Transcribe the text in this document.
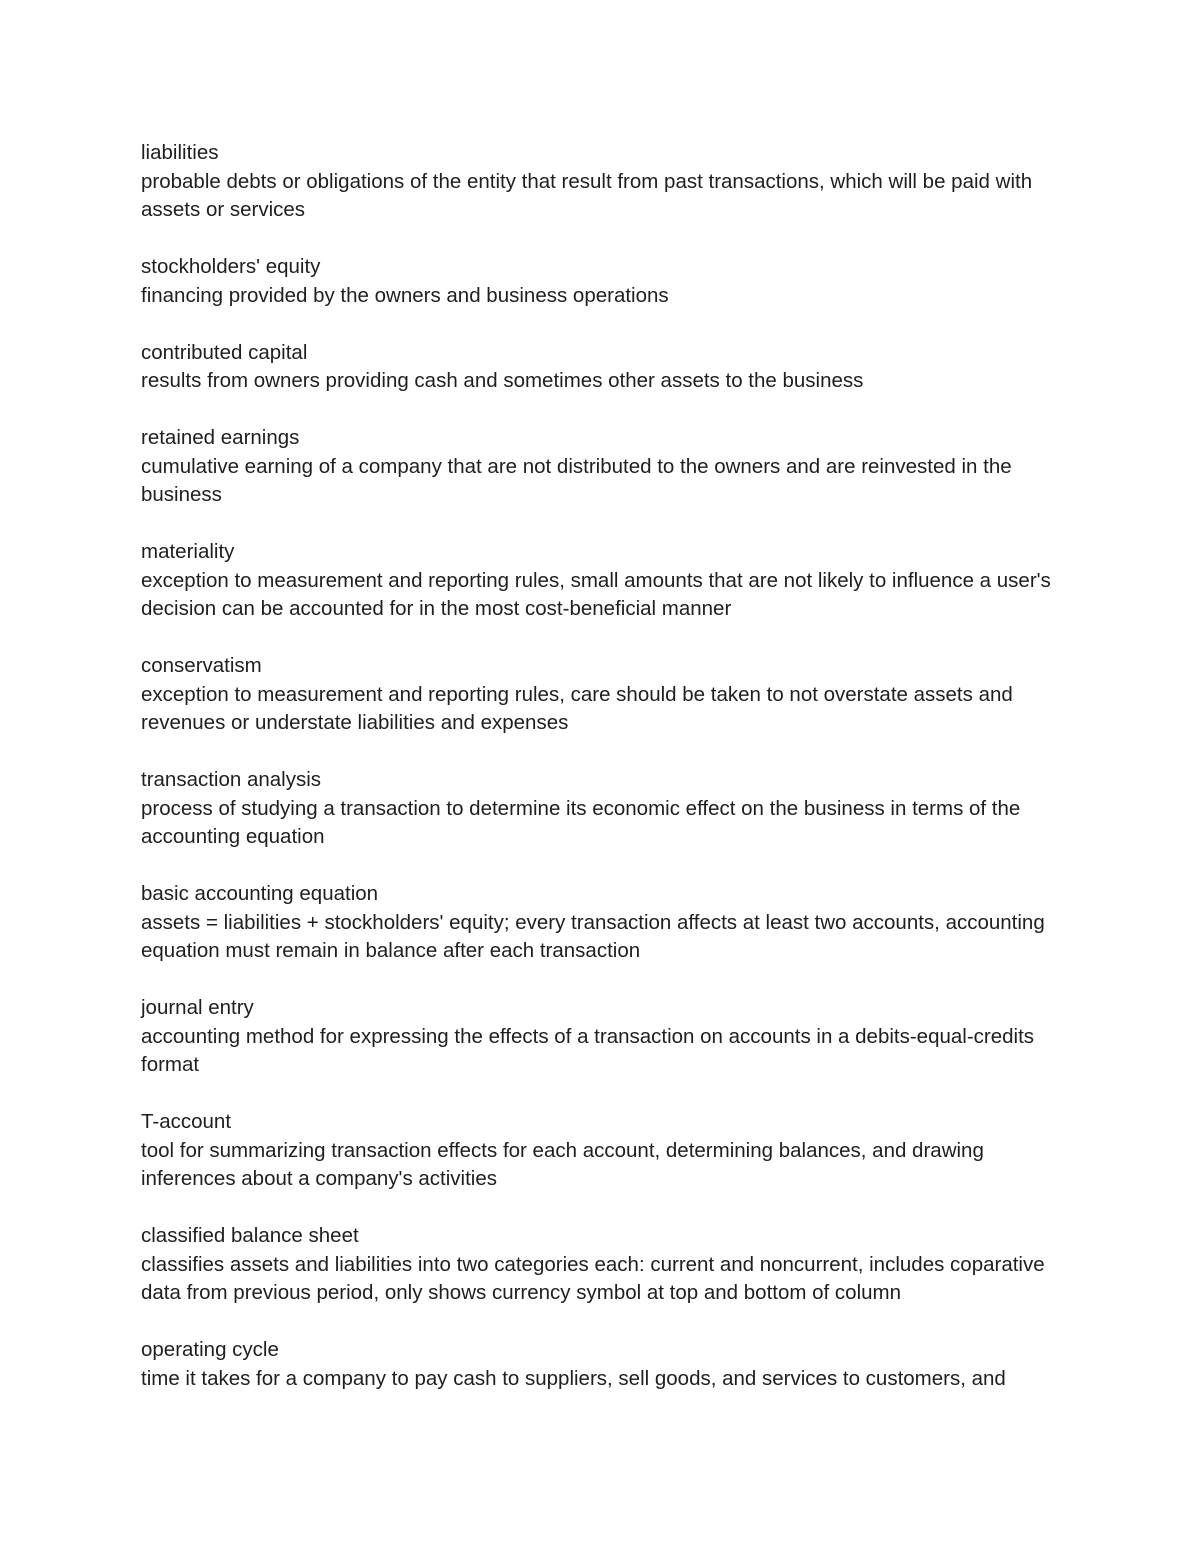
liabilities
probable debts or obligations of the entity that result from past transactions, which will be paid with assets or services
stockholders' equity
financing provided by the owners and business operations
contributed capital
results from owners providing cash and sometimes other assets to the business
retained earnings
cumulative earning of a company that are not distributed to the owners and are reinvested in the business
materiality
exception to measurement and reporting rules, small amounts that are not likely to influence a user's decision can be accounted for in the most cost-beneficial manner
conservatism
exception to measurement and reporting rules, care should be taken to not overstate assets and revenues or understate liabilities and expenses
transaction analysis
process of studying a transaction to determine its economic effect on the business in terms of the accounting equation
basic accounting equation
assets = liabilities + stockholders' equity; every transaction affects at least two accounts, accounting equation must remain in balance after each transaction
journal entry
accounting method for expressing the effects of a transaction on accounts in a debits-equal-credits format
T-account
tool for summarizing transaction effects for each account, determining balances, and drawing inferences about a company's activities
classified balance sheet
classifies assets and liabilities into two categories each: current and noncurrent, includes coparative data from previous period, only shows currency symbol at top and bottom of column
operating cycle
time it takes for a company to pay cash to suppliers, sell goods, and services to customers, and
